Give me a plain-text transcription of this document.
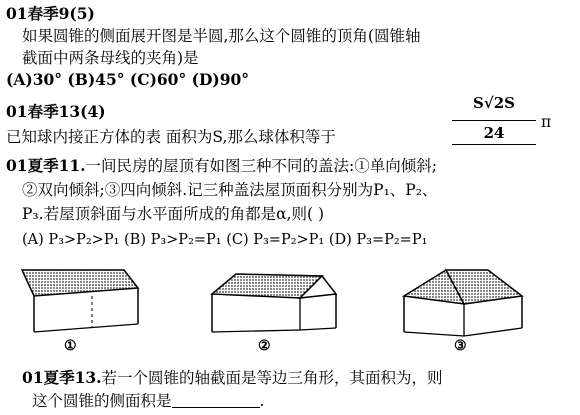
01春季9(5)
如果圆锥的侧面展开图是半圆,那么这个圆锥的顶角(圆锥轴
截面中两条母线的夹角)是
(A)30° (B)45° (C)60° (D)90°
01春季13(4)
已知球内接正方体的表 面积为S,那么球体积等于
S√2S
24
π
01夏季11.一间民房的屋顶有如图三种不同的盖法:①单向倾斜;
②双向倾斜;③四向倾斜.记三种盖法屋顶面积分别为P₁、P₂、
P₃.若屋顶斜面与水平面所成的角都是α,则( )
(A) P₃>P₂>P₁ (B) P₃>P₂=P₁ (C) P₃=P₂>P₁ (D) P₃=P₂=P₁
①	②	③
01夏季13.若一个圆锥的轴截面是等边三角形，其面积为，则
这个圆锥的侧面积是	.
